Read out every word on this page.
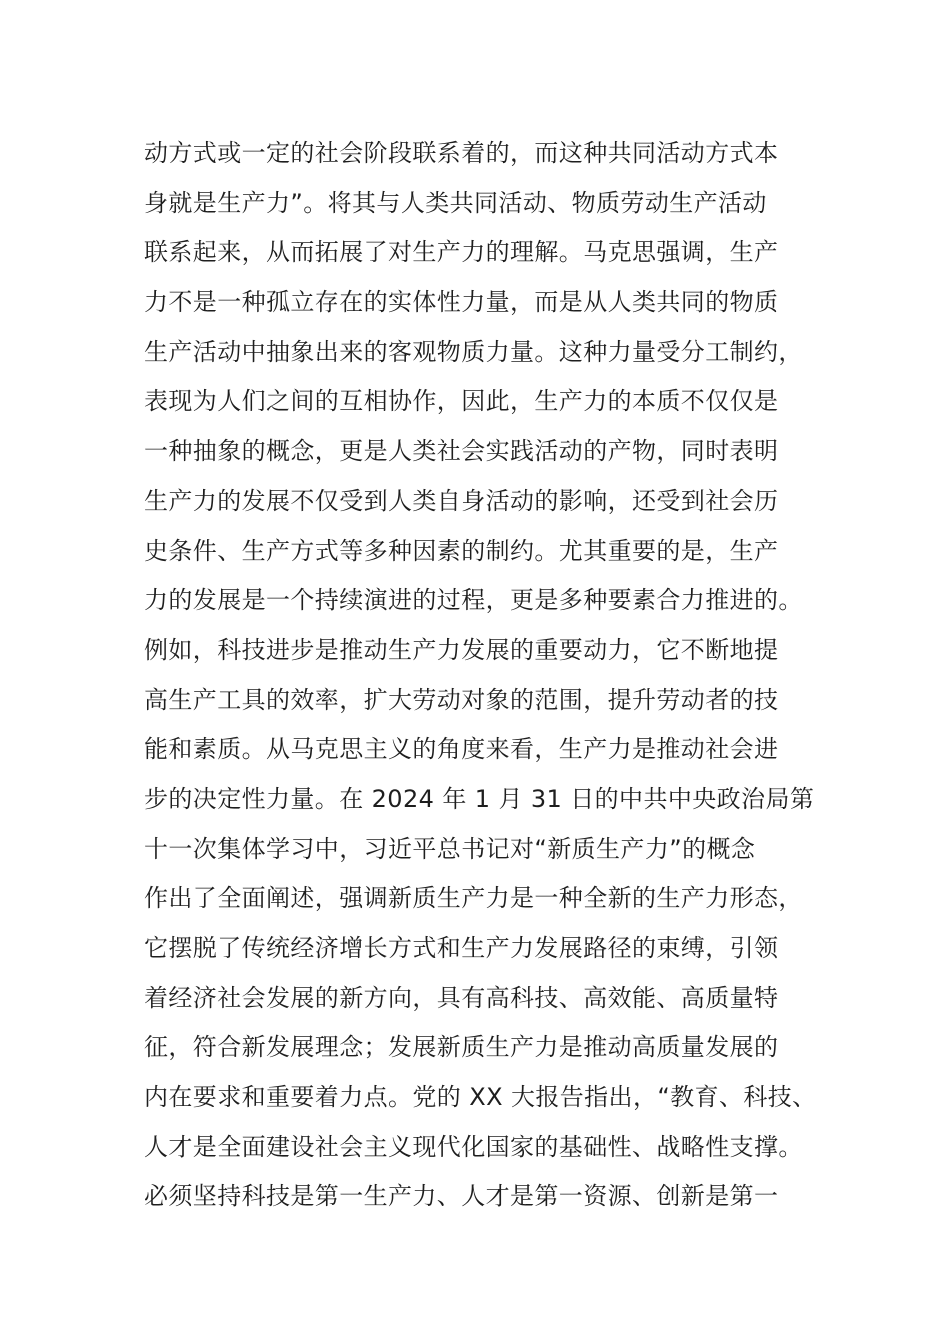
动方式或一定的社会阶段联系着的，而这种共同活动方式本
身就是生产力”。将其与人类共同活动、物质劳动生产活动
联系起来，从而拓展了对生产力的理解。马克思强调，生产
力不是一种孤立存在的实体性力量，而是从人类共同的物质
生产活动中抽象出来的客观物质力量。这种力量受分工制约，
表现为人们之间的互相协作，因此，生产力的本质不仅仅是
一种抽象的概念，更是人类社会实践活动的产物，同时表明
生产力的发展不仅受到人类自身活动的影响，还受到社会历
史条件、生产方式等多种因素的制约。尤其重要的是，生产
力的发展是一个持续演进的过程，更是多种要素合力推进的。
例如，科技进步是推动生产力发展的重要动力，它不断地提
高生产工具的效率，扩大劳动对象的范围，提升劳动者的技
能和素质。从马克思主义的角度来看，生产力是推动社会进
步的决定性力量。在 2024 年 1 月 31 日的中共中央政治局第
十一次集体学习中，习近平总书记对“新质生产力”的概念
作出了全面阐述，强调新质生产力是一种全新的生产力形态，
它摆脱了传统经济增长方式和生产力发展路径的束缚，引领
着经济社会发展的新方向，具有高科技、高效能、高质量特
征，符合新发展理念；发展新质生产力是推动高质量发展的
内在要求和重要着力点。党的 XX 大报告指出，“教育、科技、
人才是全面建设社会主义现代化国家的基础性、战略性支撑。
必须坚持科技是第一生产力、人才是第一资源、创新是第一
